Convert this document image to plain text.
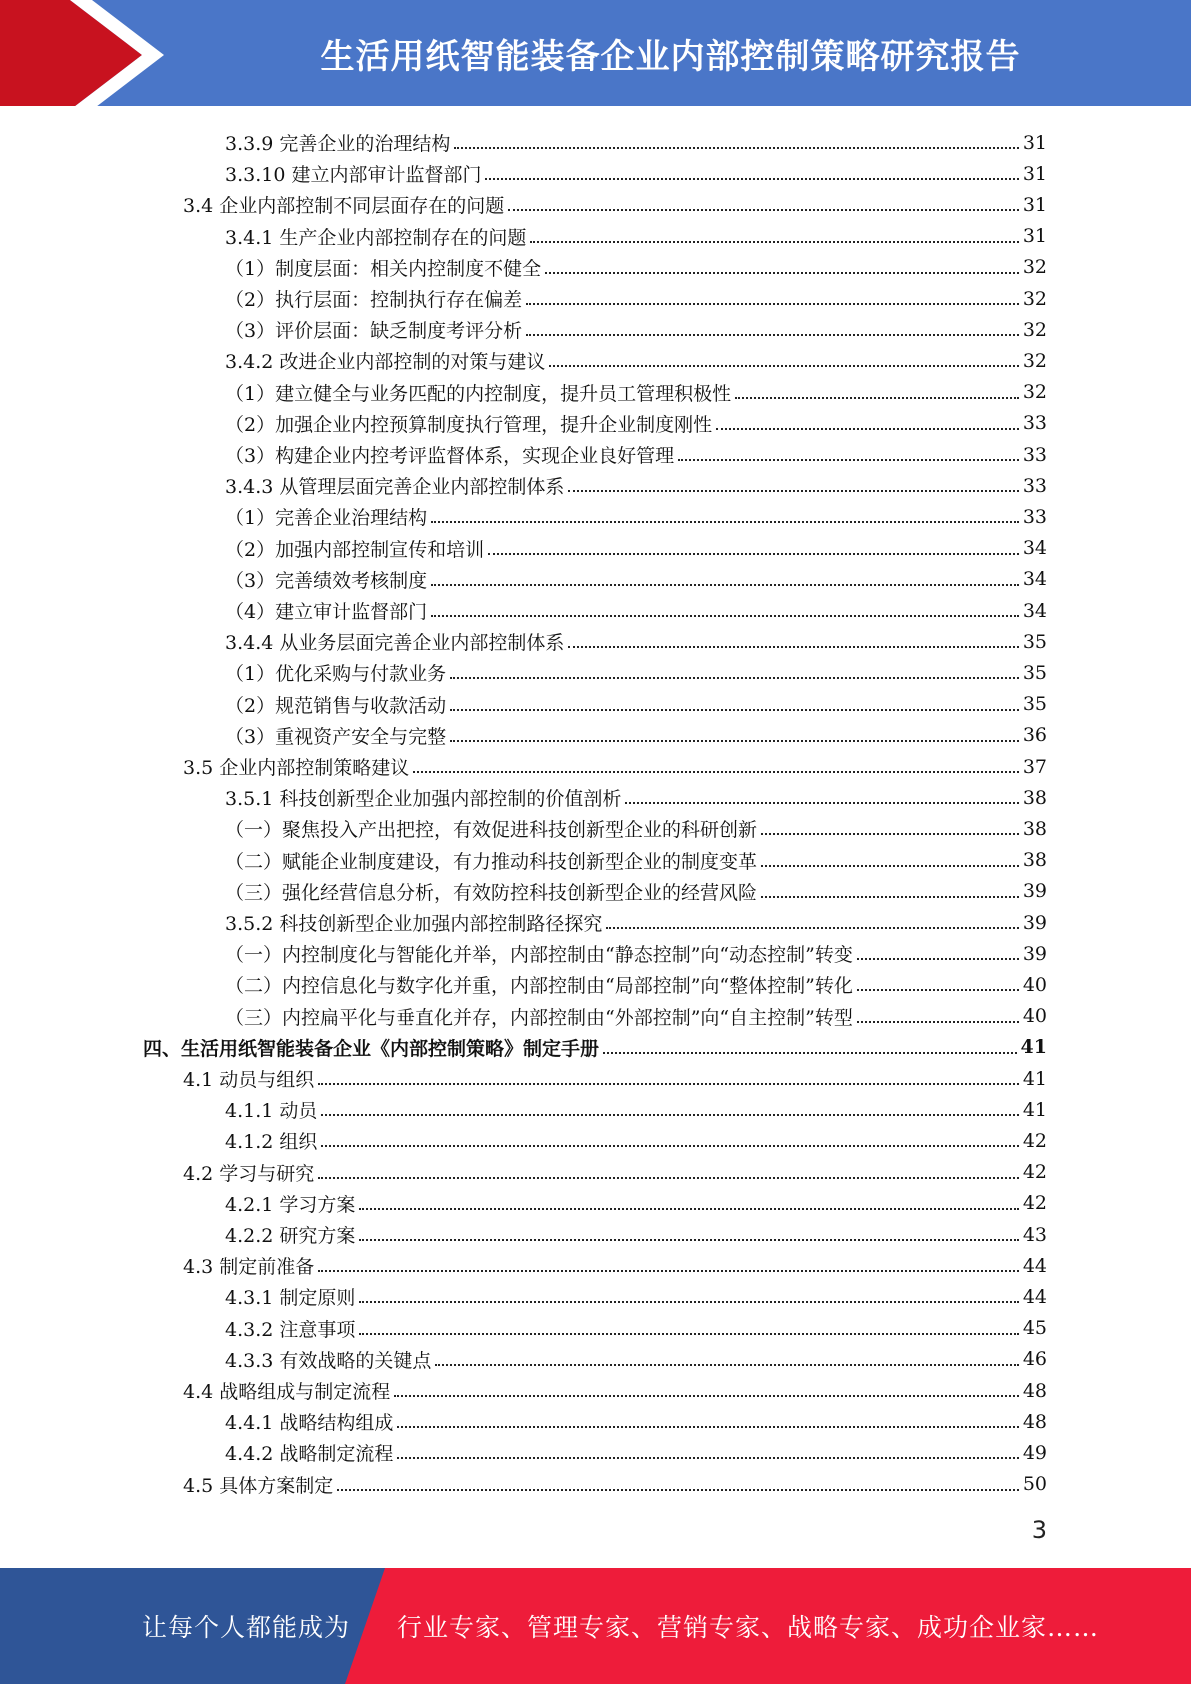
生活用纸智能装备企业内部控制策略研究报告
3.3.9 完善企业的治理结构	31
3.3.10 建立内部审计监督部门	31
3.4 企业内部控制不同层面存在的问题	31
3.4.1 生产企业内部控制存在的问题	31
（1）制度层面：相关内控制度不健全	32
（2）执行层面：控制执行存在偏差	32
（3）评价层面：缺乏制度考评分析	32
3.4.2 改进企业内部控制的对策与建议	32
（1）建立健全与业务匹配的内控制度，提升员工管理积极性	32
（2）加强企业内控预算制度执行管理，提升企业制度刚性	33
（3）构建企业内控考评监督体系，实现企业良好管理	33
3.4.3 从管理层面完善企业内部控制体系	33
（1）完善企业治理结构	33
（2）加强内部控制宣传和培训	34
（3）完善绩效考核制度	34
（4）建立审计监督部门	34
3.4.4 从业务层面完善企业内部控制体系	35
（1）优化采购与付款业务	35
（2）规范销售与收款活动	35
（3）重视资产安全与完整	36
3.5 企业内部控制策略建议	37
3.5.1 科技创新型企业加强内部控制的价值剖析	38
（一）聚焦投入产出把控，有效促进科技创新型企业的科研创新	38
（二）赋能企业制度建设，有力推动科技创新型企业的制度变革	38
（三）强化经营信息分析，有效防控科技创新型企业的经营风险	39
3.5.2 科技创新型企业加强内部控制路径探究	39
（一）内控制度化与智能化并举，内部控制由“静态控制”向“动态控制”转变	39
（二）内控信息化与数字化并重，内部控制由“局部控制”向“整体控制”转化	40
（三）内控扁平化与垂直化并存，内部控制由“外部控制”向“自主控制”转型	40
四、生活用纸智能装备企业《内部控制策略》制定手册	41
4.1 动员与组织	41
4.1.1 动员	41
4.1.2 组织	42
4.2 学习与研究	42
4.2.1 学习方案	42
4.2.2 研究方案	43
4.3 制定前准备	44
4.3.1 制定原则	44
4.3.2 注意事项	45
4.3.3 有效战略的关键点	46
4.4 战略组成与制定流程	48
4.4.1 战略结构组成	48
4.4.2 战略制定流程	49
4.5 具体方案制定	50
3
让每个人都能成为 行业专家、管理专家、营销专家、战略专家、成功企业家……
